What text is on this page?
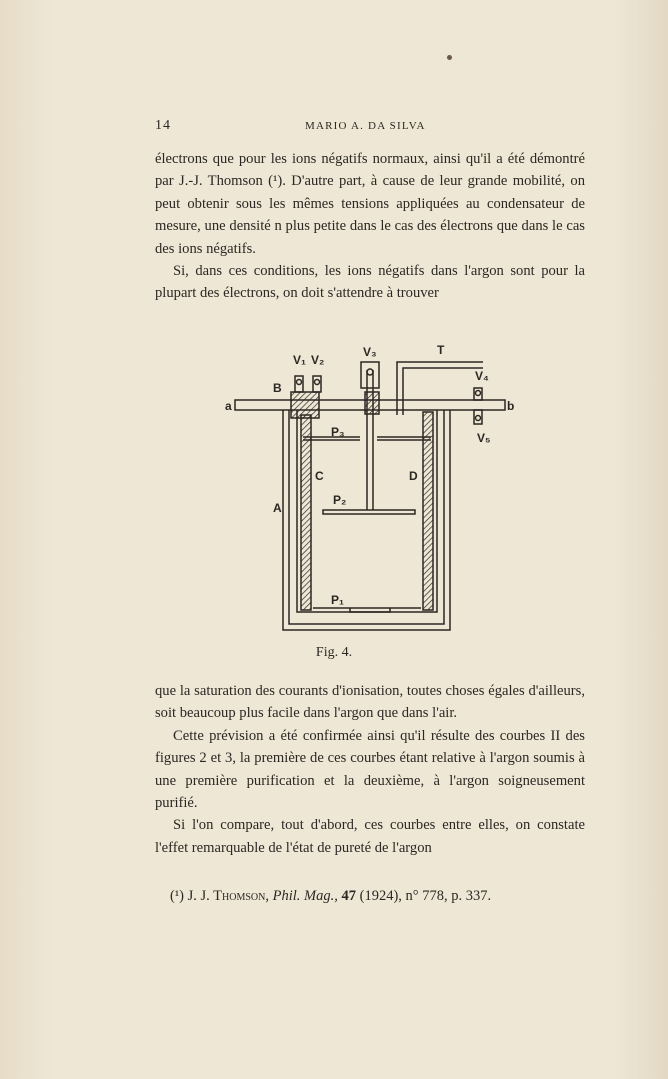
14	MARIO A. DA SILVA

électrons que pour les ions négatifs normaux, ainsi qu'il a été démontré par J.-J. Thomson (¹). D'autre part, à cause de leur grande mobilité, on peut obtenir sous les mêmes tensions appliquées au condensateur de mesure, une densité n plus petite dans le cas des électrons que dans le cas des ions négatifs.

Si, dans ces conditions, les ions négatifs dans l'argon sont pour la plupart des électrons, on doit s'attendre à trouver

V₁ V₂
V₃	T
V₄
V₅
B
a	b
P₃
C	D
P₂
A
P₁
Fig. 4.

que la saturation des courants d'ionisation, toutes choses égales d'ailleurs, soit beaucoup plus facile dans l'argon que dans l'air.

Cette prévision a été confirmée ainsi qu'il résulte des courbes II des figures 2 et 3, la première de ces courbes étant relative à l'argon soumis à une première purification et la deuxième, à l'argon soigneusement purifié.

Si l'on compare, tout d'abord, ces courbes entre elles, on constate l'effet remarquable de l'état de pureté de l'argon

(¹) J. J. Thomson, Phil. Mag., 47 (1924), n° 778, p. 337.
